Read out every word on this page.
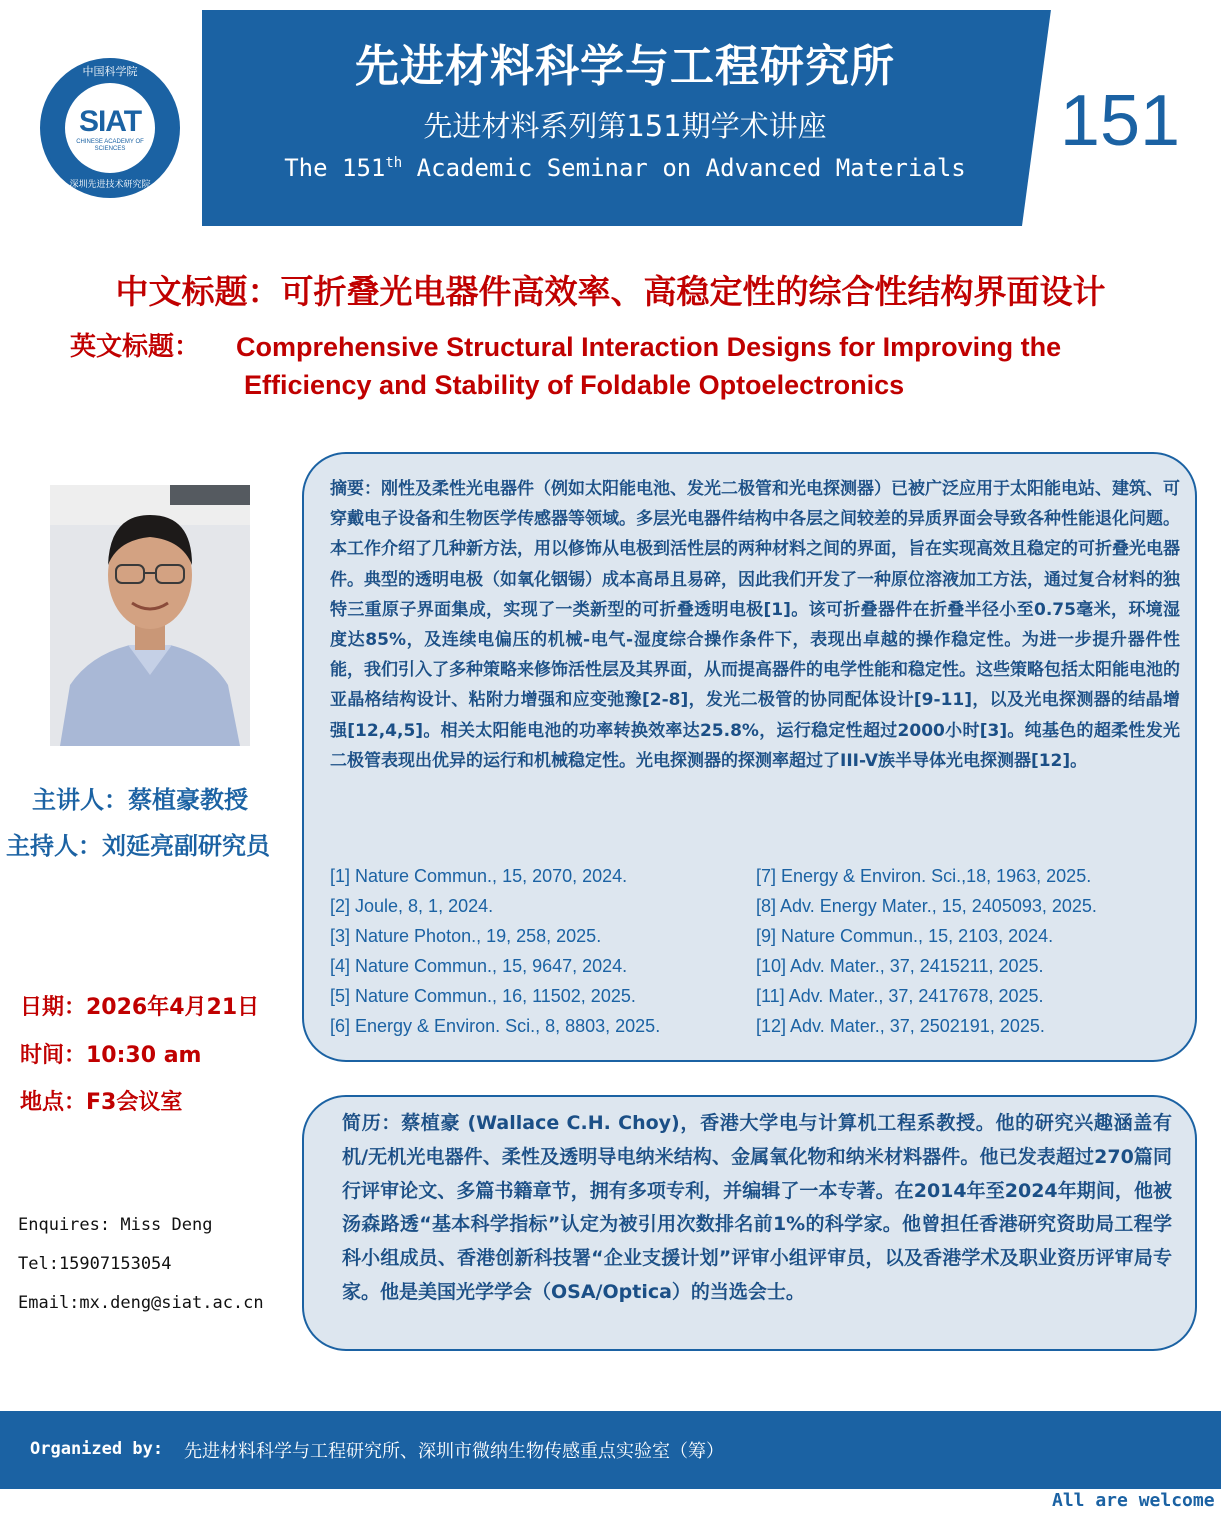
中国科学院
SIAT
CHINESE ACADEMY OF SCIENCES
深圳先进技术研究院
先进材料科学与工程研究所
先进材料系列第151期学术讲座
The 151th Academic Seminar on Advanced Materials
151
中文标题：可折叠光电器件高效率、高稳定性的综合性结构界面设计
英文标题： Comprehensive Structural Interaction Designs for Improving the
Efficiency and Stability of Foldable Optoelectronics
主讲人：蔡植豪教授
主持人：刘延亮副研究员
日期：2026年4月21日
时间：10:30 am
地点：F3会议室
Enquires: Miss Deng
Tel:15907153054
Email:mx.deng@siat.ac.cn
摘要：刚性及柔性光电器件（例如太阳能电池、发光二极管和光电探测器）已被广泛应用于太阳能电站、建筑、可穿戴电子设备和生物医学传感器等领域。多层光电器件结构中各层之间较差的异质界面会导致各种性能退化问题。本工作介绍了几种新方法，用以修饰从电极到活性层的两种材料之间的界面，旨在实现高效且稳定的可折叠光电器件。典型的透明电极（如氧化铟锡）成本高昂且易碎，因此我们开发了一种原位溶液加工方法，通过复合材料的独特三重原子界面集成，实现了一类新型的可折叠透明电极[1]。该可折叠器件在折叠半径小至0.75毫米，环境湿度达85%，及连续电偏压的机械-电气-湿度综合操作条件下，表现出卓越的操作稳定性。为进一步提升器件性能，我们引入了多种策略来修饰活性层及其界面，从而提高器件的电学性能和稳定性。这些策略包括太阳能电池的亚晶格结构设计、粘附力增强和应变弛豫[2-8]，发光二极管的协同配体设计[9-11]，以及光电探测器的结晶增强[12,4,5]。相关太阳能电池的功率转换效率达25.8%，运行稳定性超过2000小时[3]。纯基色的超柔性发光二极管表现出优异的运行和机械稳定性。光电探测器的探测率超过了III-V族半导体光电探测器[12]。
[1] Nature Commun., 15, 2070, 2024.
[2] Joule, 8, 1, 2024.
[3] Nature Photon., 19, 258, 2025.
[4] Nature Commun., 15, 9647, 2024.
[5] Nature Commun., 16, 11502, 2025.
[6] Energy & Environ. Sci., 8, 8803, 2025.
[7] Energy & Environ. Sci.,18, 1963, 2025.
[8] Adv. Energy Mater., 15, 2405093, 2025.
[9] Nature Commun., 15, 2103, 2024.
[10] Adv. Mater., 37, 2415211, 2025.
[11] Adv. Mater., 37, 2417678, 2025.
[12] Adv. Mater., 37, 2502191, 2025.
简历：蔡植豪 (Wallace C.H. Choy)，香港大学电与计算机工程系教授。他的研究兴趣涵盖有机/无机光电器件、柔性及透明导电纳米结构、金属氧化物和纳米材料器件。他已发表超过270篇同行评审论文、多篇书籍章节，拥有多项专利，并编辑了一本专著。在2014年至2024年期间，他被汤森路透“基本科学指标”认定为被引用次数排名前1%的科学家。他曾担任香港研究资助局工程学科小组成员、香港创新科技署“企业支援计划”评审小组评审员，以及香港学术及职业资历评审局专家。他是美国光学学会（OSA/Optica）的当选会士。
Organized by: 先进材料科学与工程研究所、深圳市微纳生物传感重点实验室（筹）
All are welcome
